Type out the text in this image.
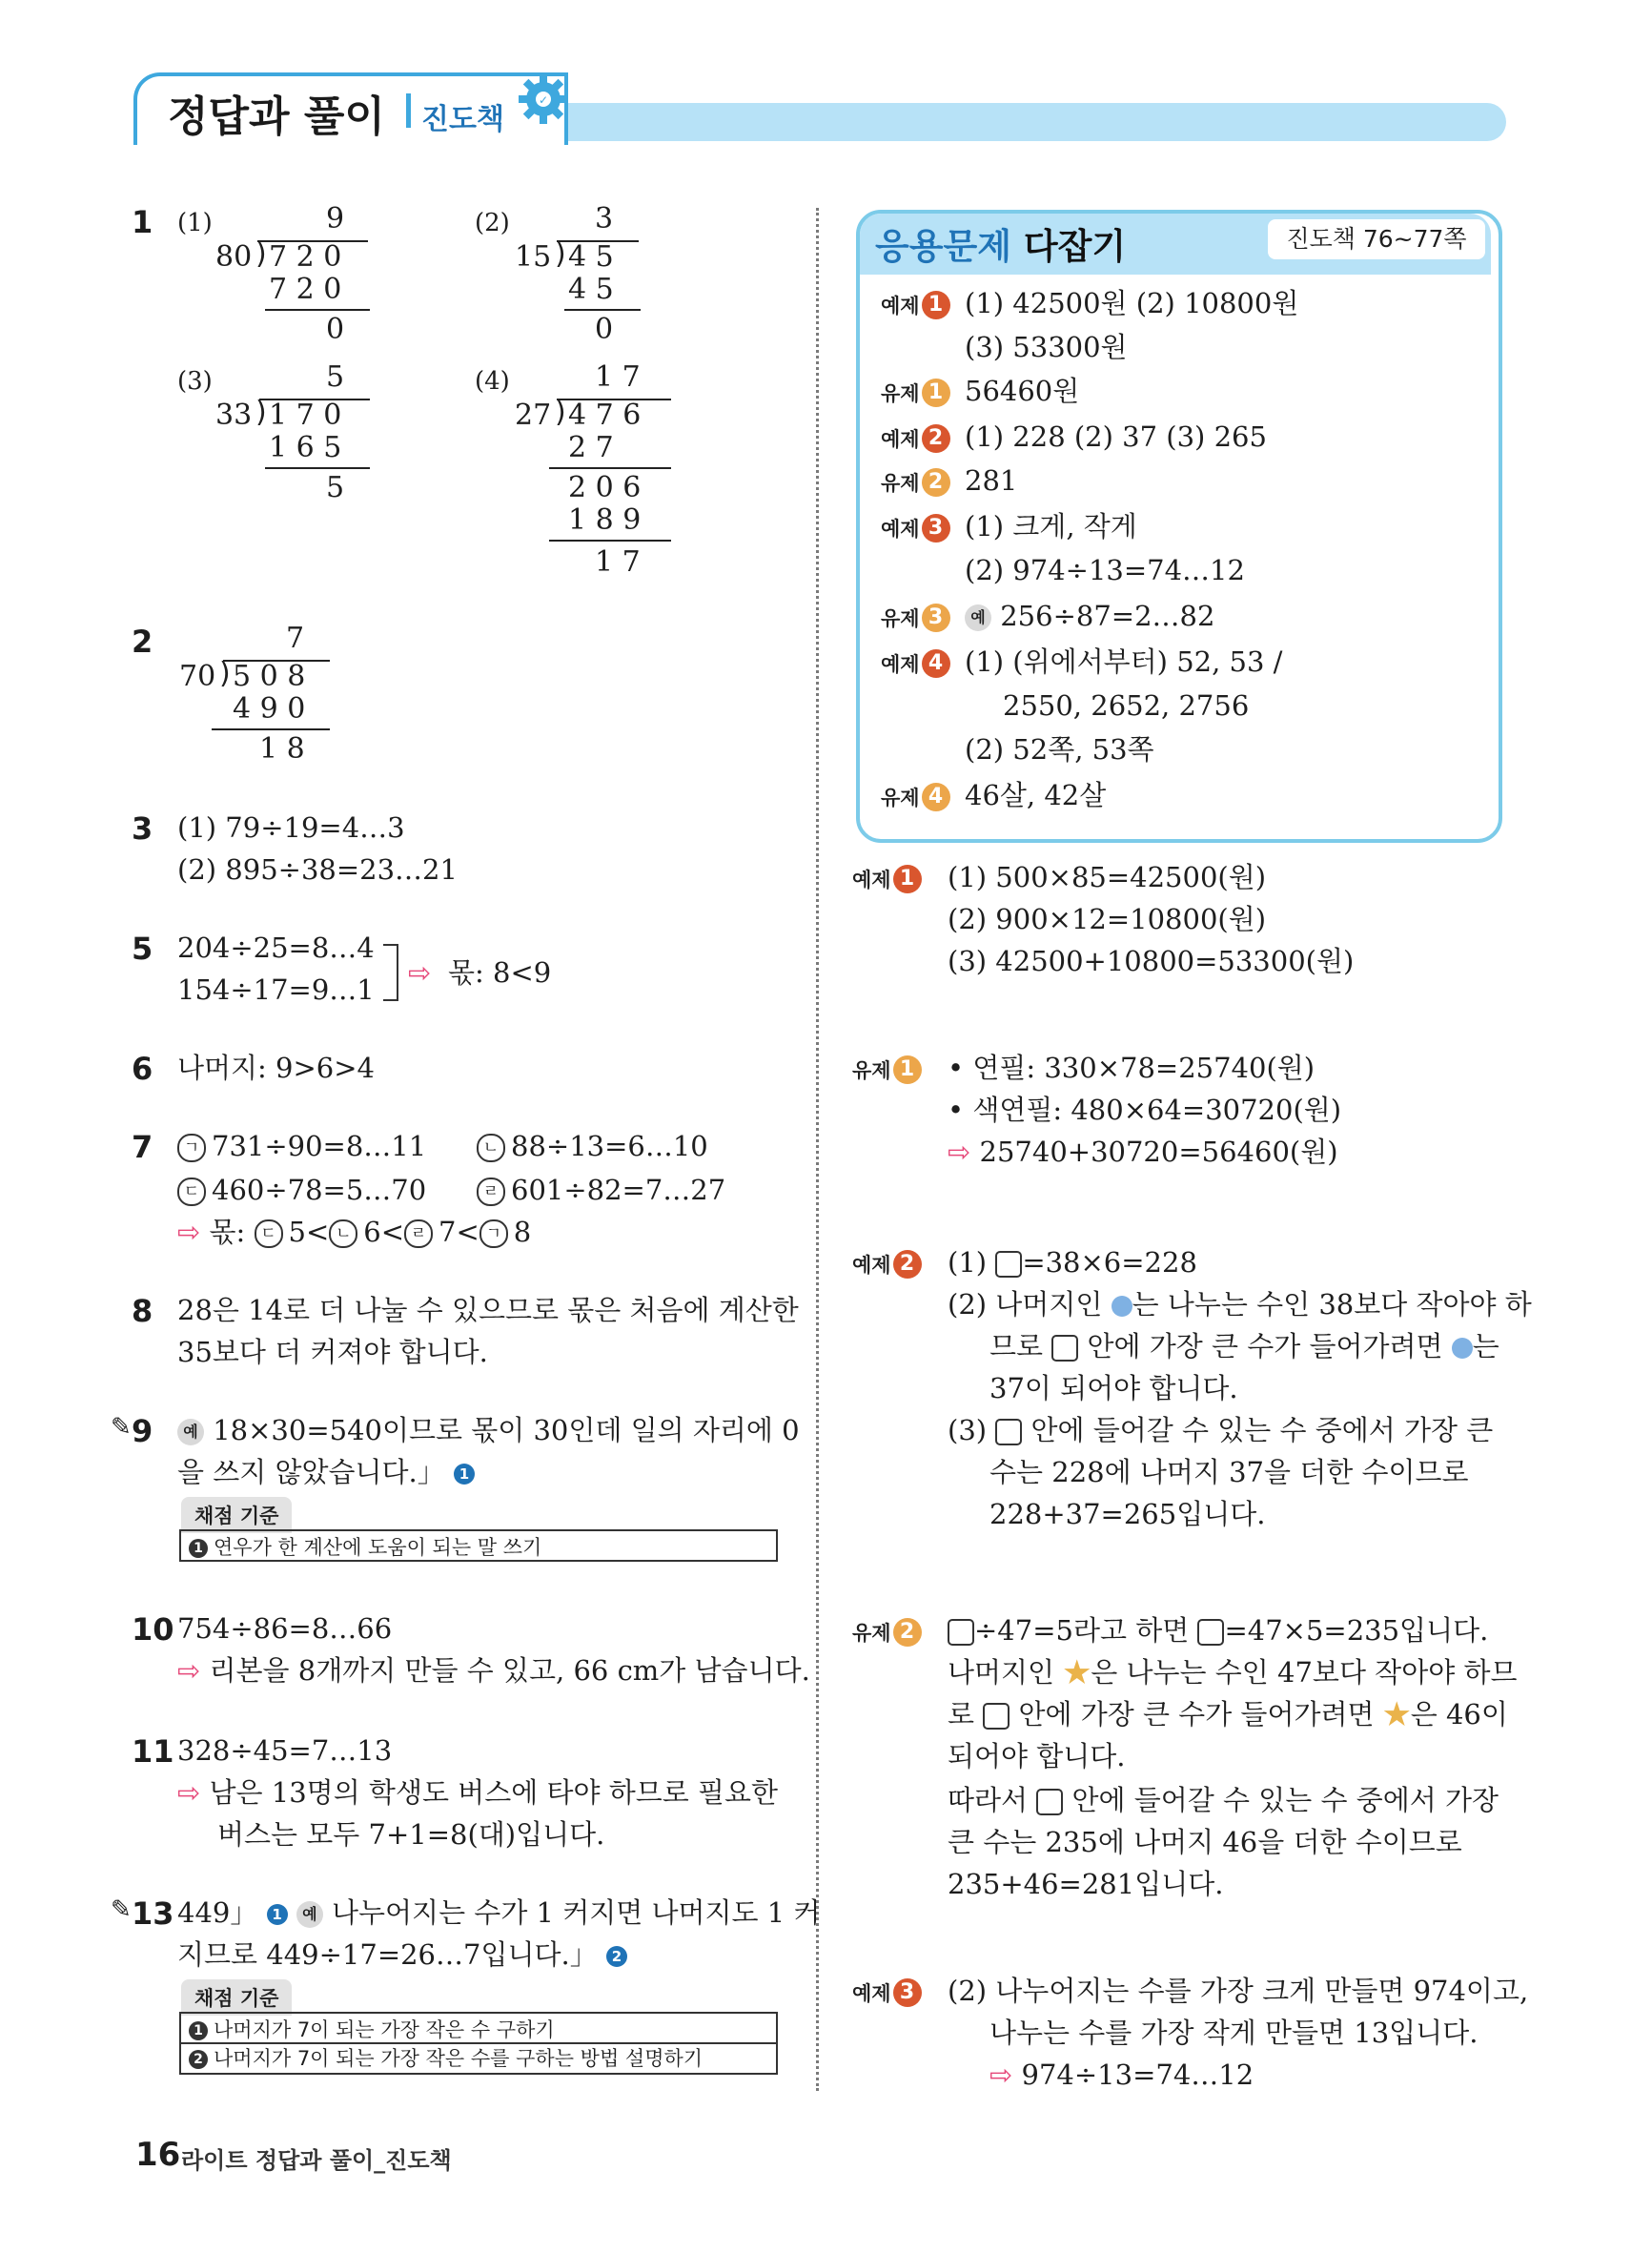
정답과 풀이 진도책
✓
1 (1)	9
80 ) 7 2 0
7 2 0
0
(2)	3
15 ) 4 5
4 5
0
(3)	5
33 ) 1 7 0
1 6 5
5
(4)	1 7
27 ) 4 7 6
2 7
2 0 6
1 8 9
1 7
2	7
70 ) 5 0 8
4 9 0
1 8
3 (1) 79÷19=4…3
(2) 895÷38=23…21
5 204÷25=8…4
154÷17=9…1
⇨ 몫: 8<9
6 나머지: 9>6>4
7	ㄱ 731÷90=8…11	ㄴ 88÷13=6…10
ㄷ 460÷78=5…70	ㄹ 601÷82=7…27
⇨ 몫: ㄷ 5< ㄴ 6< ㄹ 7< ㄱ 8
8 28은 14로 더 나눌 수 있으므로 몫은 처음에 계산한
35보다 더 커져야 합니다.
✎ 9	예 18×30=540이므로 몫이 30인데 일의 자리에 0
을 쓰지 않았습니다.」 1
채점 기준
1 연우가 한 계산에 도움이 되는 말 쓰기
10 754÷86=8…66
⇨ 리본을 8개까지 만들 수 있고, 66 cm가 남습니다.
11 328÷45=7…13
⇨ 남은 13명의 학생도 버스에 타야 하므로 필요한
버스는 모두 7+1=8(대)입니다.
✎ 13 449」 1 예 나누어지는 수가 1 커지면 나머지도 1 커
지므로 449÷17=26…7입니다.」 2
채점 기준
1 나머지가 7이 되는 가장 작은 수 구하기
2 나머지가 7이 되는 가장 작은 수를 구하는 방법 설명하기
응용문제 다잡기	진도책 76~77쪽
예제 1 (1) 42500원 (2) 10800원
(3) 53300원
유제 1 56460원
예제 2 (1) 228 (2) 37 (3) 265
유제 2 281
예제 3 (1) 크게, 작게
(2) 974÷13=74…12
유제 3	예 256÷87=2…82
예제 4 (1) (위에서부터) 52, 53 /
2550, 2652, 2756
(2) 52쪽, 53쪽
유제 4 46살, 42살
예제 1 (1) 500×85=42500(원)
(2) 900×12=10800(원)
(3) 42500+10800=53300(원)
유제 1 • 연필: 330×78=25740(원)
• 색연필: 480×64=30720(원)
⇨ 25740+30720=56460(원)
예제 2 (1) =38×6=228
(2) 나머지인 는 나누는 수인 38보다 작아야 하
므로 안에 가장 큰 수가 들어가려면 는
37이 되어야 합니다.
(3) 안에 들어갈 수 있는 수 중에서 가장 큰
수는 228에 나머지 37을 더한 수이므로
228+37=265입니다.
유제 2	÷47=5라고 하면 =47×5=235입니다.
나머지인 ★은 나누는 수인 47보다 작아야 하므
로 안에 가장 큰 수가 들어가려면 ★은 46이
되어야 합니다.
따라서 안에 들어갈 수 있는 수 중에서 가장
큰 수는 235에 나머지 46을 더한 수이므로
235+46=281입니다.
예제 3 (2) 나누어지는 수를 가장 크게 만들면 974이고,
나누는 수를 가장 작게 만들면 13입니다.
⇨ 974÷13=74…12
16 라이트 정답과 풀이_진도책
